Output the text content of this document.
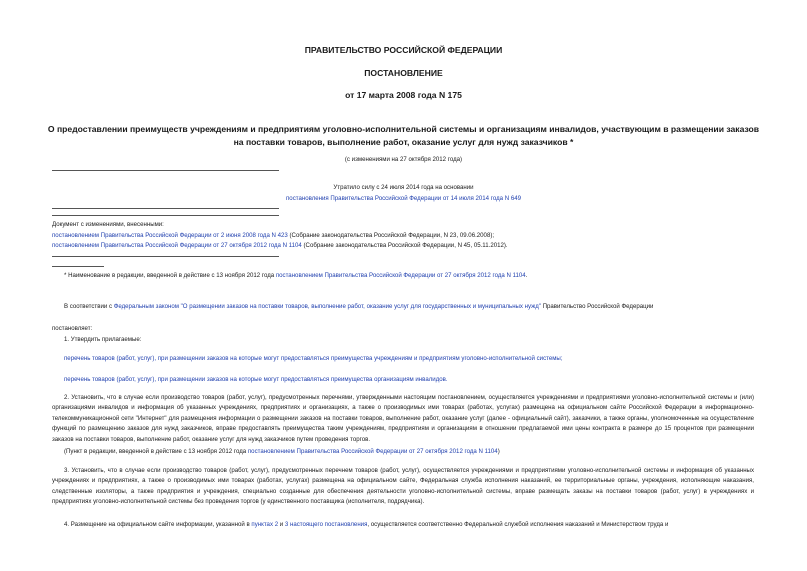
ПРАВИТЕЛЬСТВО РОССИЙСКОЙ ФЕДЕРАЦИИ
ПОСТАНОВЛЕНИЕ
от 17 марта 2008 года N 175
О предоставлении преимуществ учреждениям и предприятиям уголовно-исполнительной системы и организациям инвалидов, участвующим в размещении заказов
на поставки товаров, выполнение работ, оказание услуг для нужд заказчиков *
(с изменениями на 27 октября 2012 года)
Утратило силу с 24 июля 2014 года на основании
постановления Правительства Российской Федерации от 14 июля 2014 года N 649
Документ с изменениями, внесенными:
постановлением Правительства Российской Федерации от 2 июня 2008 года N 423 (Собрание законодательства Российской Федерации, N 23, 09.06.2008);
постановлением Правительства Российской Федерации от 27 октября 2012 года N 1104 (Собрание законодательства Российской Федерации, N 45, 05.11.2012).
* Наименование в редакции, введенной в действие с 13 ноября 2012 года постановлением Правительства Российской Федерации от 27 октября 2012 года N 1104.
В соответствии с Федеральным законом "О размещении заказов на поставки товаров, выполнение работ, оказание услуг для государственных и муниципальных нужд" Правительство Российской Федерации
постановляет:
1. Утвердить прилагаемые:
перечень товаров (работ, услуг), при размещении заказов на которые могут предоставляться преимущества учреждениям и предприятиям уголовно-исполнительной системы;
перечень товаров (работ, услуг), при размещении заказов на которые могут предоставляться преимущества организациям инвалидов.
2. Установить, что в случае если производство товаров (работ, услуг), предусмотренных перечнями, утвержденными настоящим постановлением, осуществляется учреждениями и предприятиями уголовно-исполнительной системы и (или) организациями инвалидов и информация об указанных учреждениях, предприятиях и организациях, а также о производимых ими товарах (работах, услугах) размещена на официальном сайте Российской Федерации в информационно-телекоммуникационной сети "Интернет" для размещения информации о размещении заказов на поставки товаров, выполнение работ, оказание услуг (далее - официальный сайт), заказчики, а также органы, уполномоченные на осуществление функций по размещению заказов для нужд заказчиков, вправе предоставлять преимущества таким учреждениям, предприятиям и организациям в отношении предлагаемой ими цены контракта в размере до 15 процентов при размещении заказов на поставки товаров, выполнение работ, оказание услуг для нужд заказчиков путем проведения торгов.
(Пункт в редакции, введенной в действие с 13 ноября 2012 года постановлением Правительства Российской Федерации от 27 октября 2012 года N 1104)
3. Установить, что в случае если производство товаров (работ, услуг), предусмотренных перечнем товаров (работ, услуг), осуществляется учреждениями и предприятиями уголовно-исполнительной системы и информация об указанных учреждениях и предприятиях, а также о производимых ими товарах (работах, услугах) размещена на официальном сайте, Федеральная служба исполнения наказаний, ее территориальные органы, учреждения, исполняющие наказания, следственные изоляторы, а также предприятия и учреждения, специально созданные для обеспечения деятельности уголовно-исполнительной системы, вправе размещать заказы на поставки товаров (работ, услуг) в учреждениях и предприятиях уголовно-исполнительной системы без проведения торгов (у единственного поставщика (исполнителя, подрядчика).
4. Размещение на официальном сайте информации, указанной в пунктах 2 и 3 настоящего постановления, осуществляется соответственно Федеральной службой исполнения наказаний и Министерством труда и
